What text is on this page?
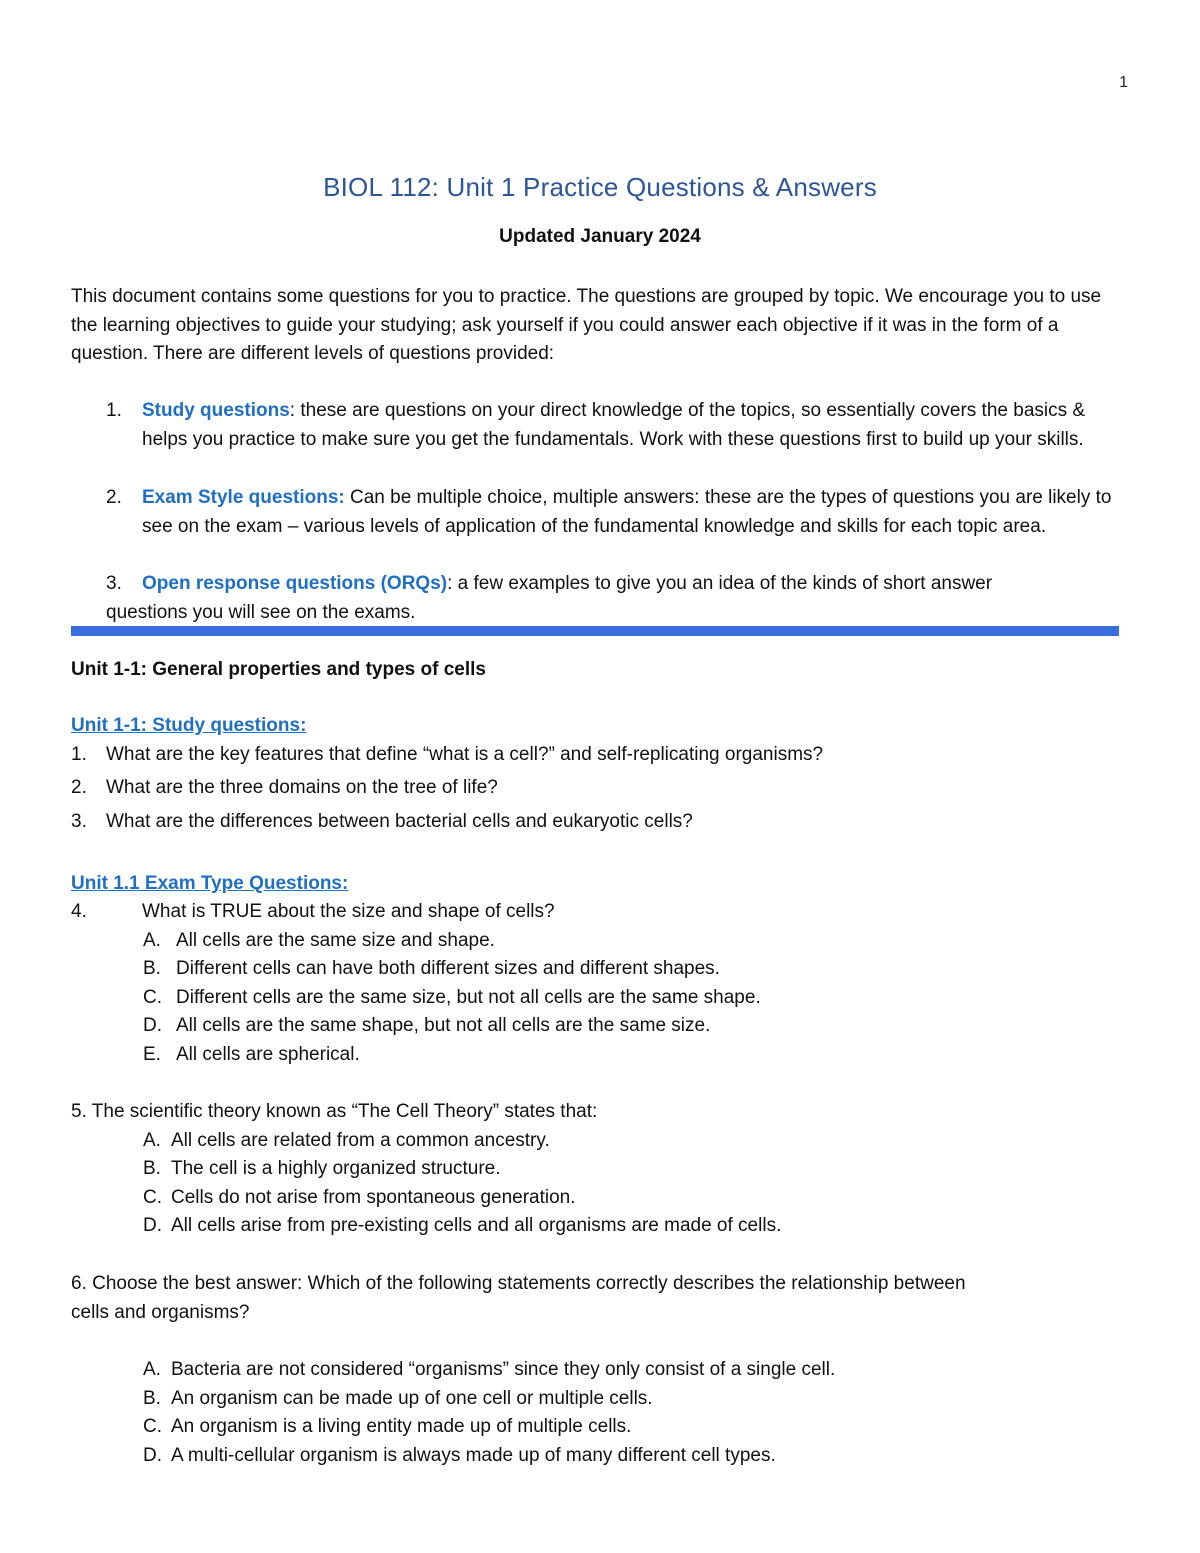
1
BIOL 112: Unit 1 Practice Questions & Answers
Updated January 2024
This document contains some questions for you to practice. The questions are grouped by topic. We encourage you to use the learning objectives to guide your studying; ask yourself if you could answer each objective if it was in the form of a question. There are different levels of questions provided:
1.	Study questions: these are questions on your direct knowledge of the topics, so essentially covers the basics & helps you practice to make sure you get the fundamentals. Work with these questions first to build up your skills.
2.	Exam Style questions: Can be multiple choice, multiple answers: these are the types of questions you are likely to see on the exam – various levels of application of the fundamental knowledge and skills for each topic area.
3.	Open response questions (ORQs): a few examples to give you an idea of the kinds of short answer
questions you will see on the exams.
Unit 1-1: General properties and types of cells
Unit 1-1: Study questions:
1. What are the key features that define “what is a cell?” and self-replicating organisms?
2. What are the three domains on the tree of life?
3. What are the differences between bacterial cells and eukaryotic cells?
Unit 1.1 Exam Type Questions:
4.	What is TRUE about the size and shape of cells?
A. All cells are the same size and shape.
B. Different cells can have both different sizes and different shapes.
C. Different cells are the same size, but not all cells are the same shape.
D. All cells are the same shape, but not all cells are the same size.
E. All cells are spherical.
5. The scientific theory known as “The Cell Theory” states that:
A. All cells are related from a common ancestry.
B. The cell is a highly organized structure.
C. Cells do not arise from spontaneous generation.
D. All cells arise from pre-existing cells and all organisms are made of cells.
6. Choose the best answer: Which of the following statements correctly describes the relationship between
cells and organisms?
A. Bacteria are not considered “organisms” since they only consist of a single cell.
B. An organism can be made up of one cell or multiple cells.
C. An organism is a living entity made up of multiple cells.
D. A multi-cellular organism is always made up of many different cell types.
